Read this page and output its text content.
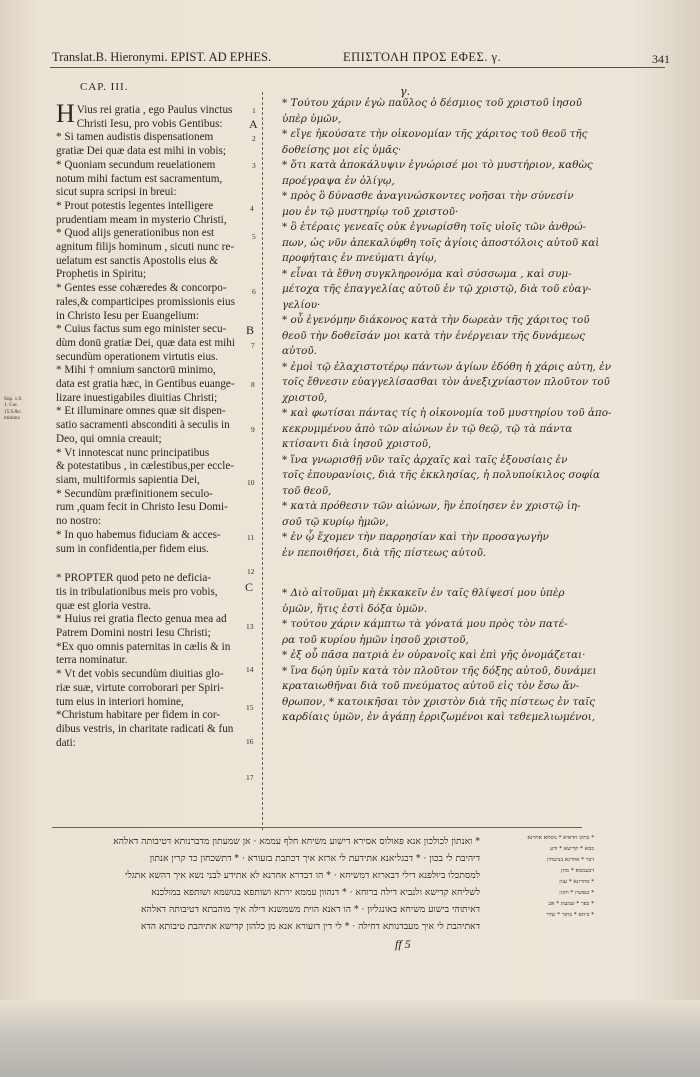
Translat.B. Hieronymi. EPIST. AD EPHES.	ΕΠΙΣΤΟΛΗ ΠΡΟΣ ΕΦΕΣ. γ.	341
CAP. III.
H Vius rei gratia , ego Paulus vinctus

Christi Iesu, pro vobis Gentibus:

* Si tamen audistis dispensationem

gratiæ Dei quæ data est mihi in vobis;

* Quoniam secundum reuelationem

notum mihi factum est sacramentum,

sicut supra scripsi in breui:

* Prout potestis legentes intelligere

prudentiam meam in mysterio Christi,

* Quod alijs generationibus non est

agnitum filijs hominum , sicuti nunc re-

uelatum est sanctis Apostolis eius &

Prophetis in Spiritu;

* Gentes esse cohæredes & concorpo-

rales,& comparticipes promissionis eius

in Christo Iesu per Euangelium:

* Cuius factus sum ego minister secu-

dùm donū gratiæ Dei, quæ data est mihi

secundùm operationem virtutis eius.

* Mihi † omnium sanctorū minimo,

data est gratia hæc, in Gentibus euange-

lizare inuestigabiles diuitias Christi;

* Et illuminare omnes quæ sit dispen-

satio sacramenti absconditi à seculis in

Deo, qui omnia creauit;

* Vt innotescat nunc principatibus

& potestatibus , in cælestibus,per eccle-

siam, multiformis sapientia Dei,

* Secundùm præfinitionem seculo-

rum ,quam fecit in Christo Iesu Domi-

no nostro:

* In quo habemus fiduciam & acces-

sum in confidentia,per fidem eius.

* PROPTER quod peto ne deficia-

tis in tribulationibus meis pro vobis,

quæ est gloria vestra.

* Huius rei gratia flecto genua mea ad

Patrem Domini nostri Iesu Christi;

*Ex quo omnis paternitas in cælis & in

terra nominatur.

* Vt det vobis secundùm diuitias glo-

riæ suæ, virtute corroborari per Spiri-

tum eius in interiori homine,

*Christum habitare per fidem in cor-

dibus vestris, in charitate radicati & fun

dati:

A
B
C
Sup. 1.6.
1. Cor.
15.9.&c.
minima
1
2
3
4
5
6
7
8
9
10
11
12
13
14
15
16
17
γ.

* Τούτου χάριν ἐγὼ παῦλος ὁ δέσμιος τοῦ χριστοῦ ἰησοῦ

ὑπὲρ ὑμῶν,

* εἴγε ἠκούσατε τὴν οἰκονομίαν τῆς χάριτος τοῦ θεοῦ τῆς

δοθείσης μοι εἰς ὑμᾶς·

* ὅτι κατὰ ἀποκάλυψιν ἐγνώρισέ μοι τὸ μυστήριον, καθὼς

προέγραψα ἐν ὀλίγῳ,

* πρὸς ὃ δύνασθε ἀναγινώσκοντες νοῆσαι τὴν σύνεσίν

μου ἐν τῷ μυστηρίῳ τοῦ χριστοῦ·

* ὃ ἑτέραις γενεαῖς οὐκ ἐγνωρίσθη τοῖς υἱοῖς τῶν ἀνθρώ-

πων, ὡς νῦν ἀπεκαλύφθη τοῖς ἁγίοις ἀποστόλοις αὐτοῦ καὶ

προφήταις ἐν πνεύματι ἁγίῳ,

* εἶναι τὰ ἔθνη συγκληρονόμα καὶ σύσσωμα , καὶ συμ-

μέτοχα τῆς ἐπαγγελίας αὐτοῦ ἐν τῷ χριστῷ, διὰ τοῦ εὐαγ-

γελίου·

* οὗ ἐγενόμην διάκονος κατὰ τὴν δωρεὰν τῆς χάριτος τοῦ

θεοῦ τὴν δοθεῖσάν μοι κατὰ τὴν ἐνέργειαν τῆς δυνάμεως

αὐτοῦ.

* ἐμοὶ τῷ ἐλαχιστοτέρῳ πάντων ἁγίων ἐδόθη ἡ χάρις αὐτη, ἐν

τοῖς ἔθνεσιν εὐαγγελίσασθαι τὸν ἀνεξιχνίαστον πλοῦτον τοῦ

χριστοῦ,

* καὶ φωτίσαι πάντας τίς ἡ οἰκονομία τοῦ μυστηρίου τοῦ ἀπο-

κεκρυμμένου ἀπὸ τῶν αἰώνων ἐν τῷ θεῷ, τῷ τὰ πάντα

κτίσαντι διὰ ἰησοῦ χριστοῦ,

* ἵνα γνωρισθῇ νῦν ταῖς ἀρχαῖς καὶ ταῖς ἐξουσίαις ἐν

τοῖς ἐπουρανίοις, διὰ τῆς ἐκκλησίας, ἡ πολυποίκιλος σοφία

τοῦ θεοῦ,

* κατὰ πρόθεσιν τῶν αἰώνων, ἣν ἐποίησεν ἐν χριστῷ ἰη-

σοῦ τῷ κυρίῳ ἡμῶν,

* ἐν ᾧ ἔχομεν τὴν παρρησίαν καὶ τὴν προσαγωγὴν

ἐν πεποιθήσει, διὰ τῆς πίστεως αὐτοῦ.

* Διὸ αἰτοῦμαι μὴ ἐκκακεῖν ἐν ταῖς θλίψεσί μου ὑπὲρ

ὑμῶν, ἥτις ἐστὶ δόξα ὑμῶν.

* τούτου χάριν κάμπτω τὰ γόνατά μου πρὸς τὸν πατέ-

ρα τοῦ κυρίου ἡμῶν ἰησοῦ χριστοῦ,

* ἐξ οὗ πᾶσα πατριὰ ἐν οὐρανοῖς καὶ ἐπὶ γῆς ὀνομάζεται·

* ἵνα δῴη ὑμῖν κατὰ τὸν πλοῦτον τῆς δόξης αὐτοῦ, δυνάμει

κραταιωθῆναι διὰ τοῦ πνεύματος αὐτοῦ εἰς τὸν ἔσω ἄν-

θρωπον, * κατοικῆσαι τὸν χριστὸν διὰ τῆς πίστεως ἐν ταῖς

καρδίαις ὑμῶν, ἐν ἀγάπῃ ἐρριζωμένοι καὶ τεθεμελιωμένοι,

* ואנתוֹן לכולכון אנא פּאולוס אסירא דישוע משיחא חלף עממא · אן שמעתון מדברנותא דטיבותה דאלהא

דיהיבת לי בכון · * דבגליאנא אתידעת לי ארזא איך דכתבת בזעורא · * דתשכחון כד קרין אנתון

למסתכלו ביוּלפנא דילי דבארזא דמשיחא · * הו דבדרא אחרנא לא אתידע לבני נשא איך דהשא אתגלי

לשליחא קדישא ולנביא דילה ברוחא · * דנהוון עממא ירתא ושותפא בגושמא ושותפא במולכנא

דאיתוהי בישוע משיחא באונגליון · * הו דאנא הוית משמשנא דילה איך מוהבתא דטיבותה דאלהא

דאתיהבת לי איך מעבדנותא דחילה · * לי דין דזעורא אנא מן כלהון קדישא אתיהבת טיבותא הדא

* כתיב חדאיא * נוסחא אחרנא

כמא * קדישא * ודע

דבר * אחרנא בנושחין

דבעממא * מחן

* מחרונא * ענין

* כנפשין * וחנין

* כפר * שמעת * אב

* ביתא * בתוך * שדר

ff 5
